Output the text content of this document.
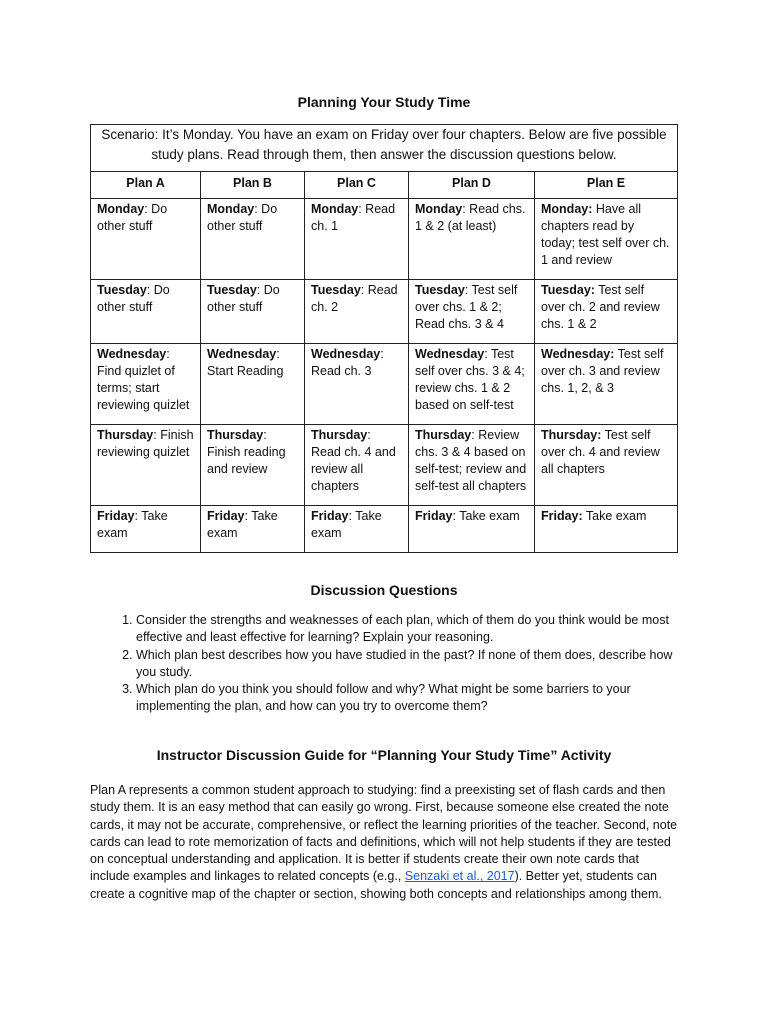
Planning Your Study Time
Scenario: It’s Monday. You have an exam on Friday over four chapters. Below are five possible study plans. Read through them, then answer the discussion questions below.				
Plan A	Plan B	Plan C	Plan D	Plan E
Monday: Do other stuff	Monday: Do other stuff	Monday: Read ch. 1	Monday: Read chs. 1 & 2 (at least)	Monday: Have all chapters read by today; test self over ch. 1 and review
Tuesday: Do other stuff	Tuesday: Do other stuff	Tuesday: Read ch. 2	Tuesday: Test self over chs. 1 & 2; Read chs. 3 & 4	Tuesday: Test self over ch. 2 and review chs. 1 & 2
Wednesday: Find quizlet of terms; start reviewing quizlet	Wednesday: Start Reading	Wednesday: Read ch. 3	Wednesday: Test self over chs. 3 & 4; review chs. 1 & 2 based on self-test	Wednesday: Test self over ch. 3 and review chs. 1, 2, & 3
Thursday: Finish reviewing quizlet	Thursday: Finish reading and review	Thursday: Read ch. 4 and review all chapters	Thursday: Review chs. 3 & 4 based on self-test; review and self-test all chapters	Thursday: Test self over ch. 4 and review all chapters
Friday: Take exam	Friday: Take exam	Friday: Take exam	Friday: Take exam	Friday: Take exam
Discussion Questions
1. Consider the strengths and weaknesses of each plan, which of them do you think would be most effective and least effective for learning? Explain your reasoning.
2. Which plan best describes how you have studied in the past? If none of them does, describe how you study.
3. Which plan do you think you should follow and why? What might be some barriers to your implementing the plan, and how can you try to overcome them?
Instructor Discussion Guide for “Planning Your Study Time” Activity

Plan A represents a common student approach to studying: find a preexisting set of flash cards and then study them. It is an easy method that can easily go wrong. First, because someone else created the note cards, it may not be accurate, comprehensive, or reflect the learning priorities of the teacher. Second, note cards can lead to rote memorization of facts and definitions, which will not help students if they are tested on conceptual understanding and application. It is better if students create their own note cards that include examples and linkages to related concepts (e.g., Senzaki et al., 2017). Better yet, students can create a cognitive map of the chapter or section, showing both concepts and relationships among them.
